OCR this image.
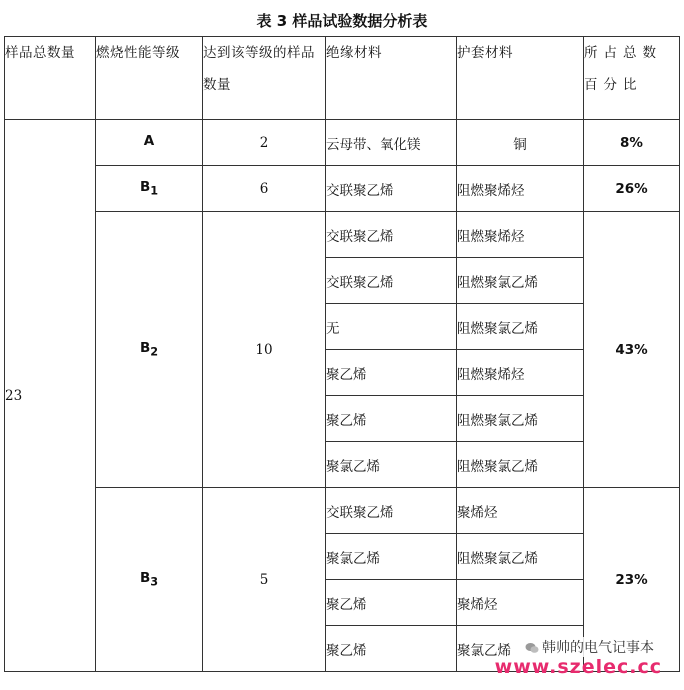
表 3 样品试验数据分析表
样品总数量	燃烧性能等级	达到该等级的样品数量	绝缘材料	护套材料	所占总数百分比
23	A	2	云母带、氧化镁	铜	8%
	$B_1$	6	交联聚乙烯	阻燃聚烯烃	26%
	$B_2$	10	交联聚乙烯	阻燃聚烯烃	43%
			交联聚乙烯	阻燃聚氯乙烯	
			无	阻燃聚氯乙烯	
			聚乙烯	阻燃聚烯烃	
			聚乙烯	阻燃聚氯乙烯	
			聚氯乙烯	阻燃聚氯乙烯	
	$B_3$	5	交联聚乙烯	聚烯烃	23%
			聚氯乙烯	阻燃聚氯乙烯	
			聚乙烯	聚烯烃	
			聚乙烯	聚氯乙烯		韩帅的电气记事本
www.szelec.cc
